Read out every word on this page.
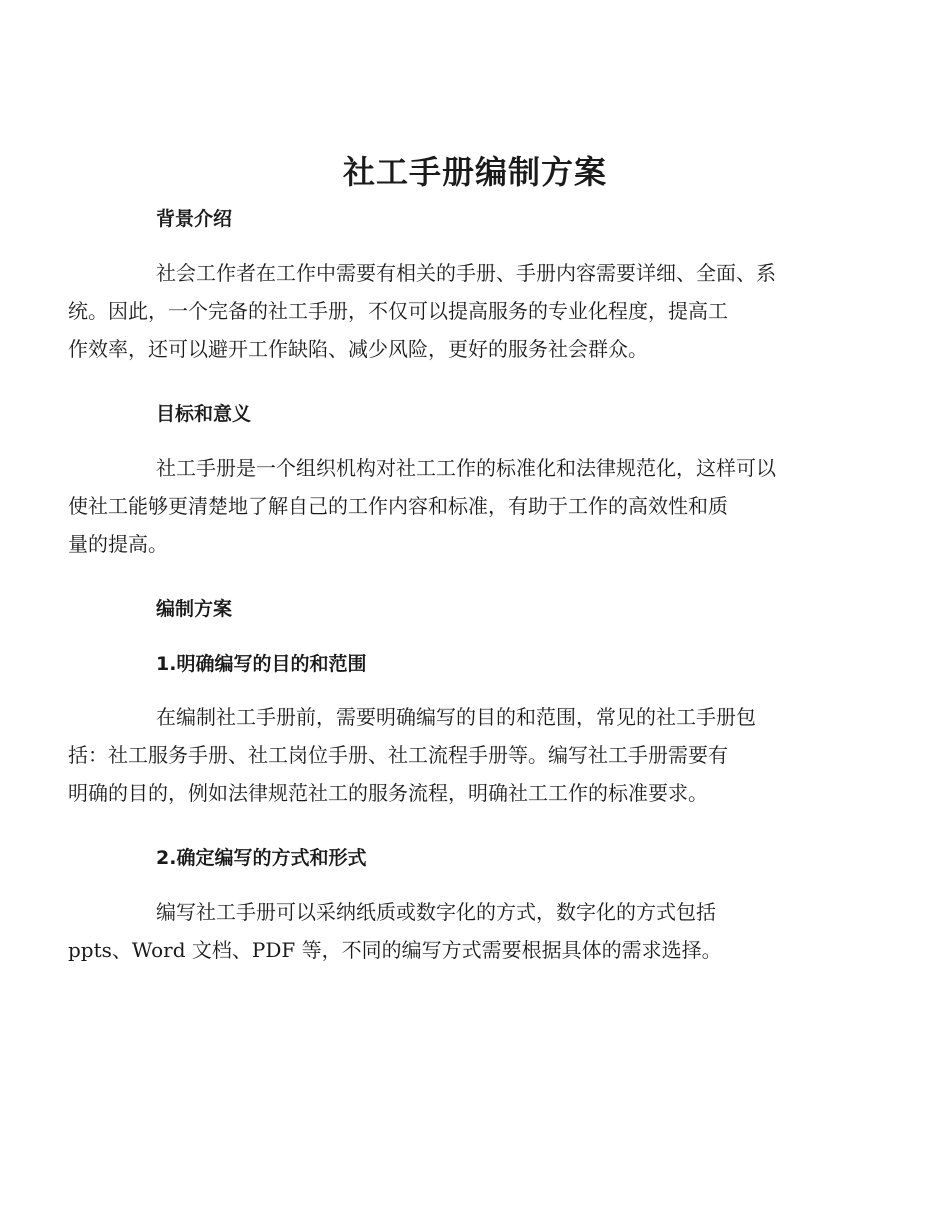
社工手册编制方案
背景介绍

社会工作者在工作中需要有相关的手册、手册内容需要详细、全面、系
统。因此，一个完备的社工手册，不仅可以提高服务的专业化程度，提高工
作效率，还可以避开工作缺陷、减少风险，更好的服务社会群众。

目标和意义

社工手册是一个组织机构对社工工作的标准化和法律规范化，这样可以
使社工能够更清楚地了解自己的工作内容和标准，有助于工作的高效性和质
量的提高。

编制方案
1.明确编写的目的和范围

在编制社工手册前，需要明确编写的目的和范围，常见的社工手册包
括：社工服务手册、社工岗位手册、社工流程手册等。编写社工手册需要有
明确的目的，例如法律规范社工的服务流程，明确社工工作的标准要求。

2.确定编写的方式和形式

编写社工手册可以采纳纸质或数字化的方式，数字化的方式包括
ppts、Word 文档、PDF 等，不同的编写方式需要根据具体的需求选择。
